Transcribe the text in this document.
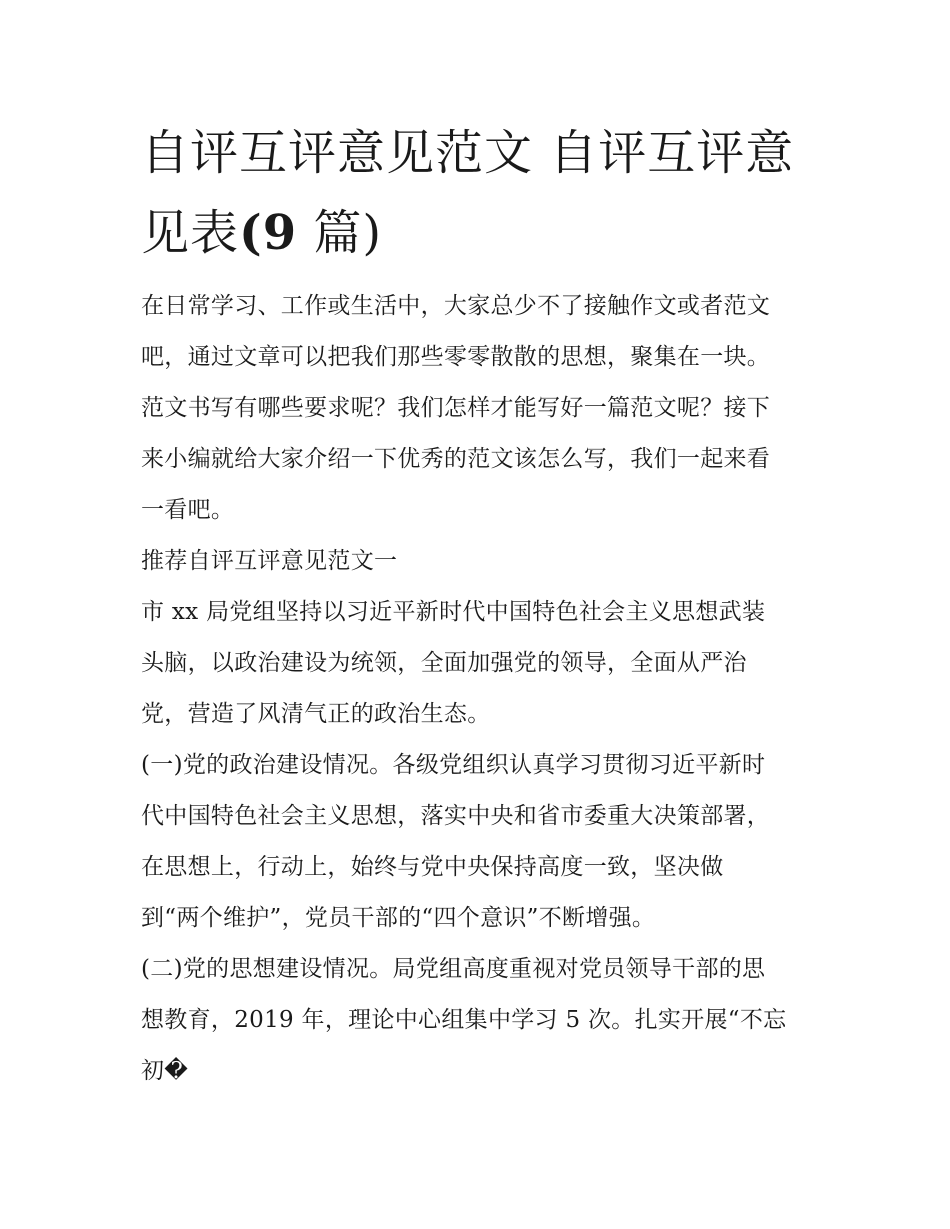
自评互评意见范文 自评互评意
见表(9 篇)
在日常学习、工作或生活中，大家总少不了接触作文或者范文
吧，通过文章可以把我们那些零零散散的思想，聚集在一块。
范文书写有哪些要求呢？我们怎样才能写好一篇范文呢？接下
来小编就给大家介绍一下优秀的范文该怎么写，我们一起来看
一看吧。
推荐自评互评意见范文一
市 xx 局党组坚持以习近平新时代中国特色社会主义思想武装
头脑，以政治建设为统领，全面加强党的领导，全面从严治
党，营造了风清气正的政治生态。
(一)党的政治建设情况。各级党组织认真学习贯彻习近平新时
代中国特色社会主义思想，落实中央和省市委重大决策部署，
在思想上，行动上，始终与党中央保持高度一致，坚决做
到“两个维护”，党员干部的“四个意识”不断增强。
(二)党的思想建设情况。局党组高度重视对党员领导干部的思
想教育，2019 年，理论中心组集中学习 5 次。扎实开展“不忘
初�
